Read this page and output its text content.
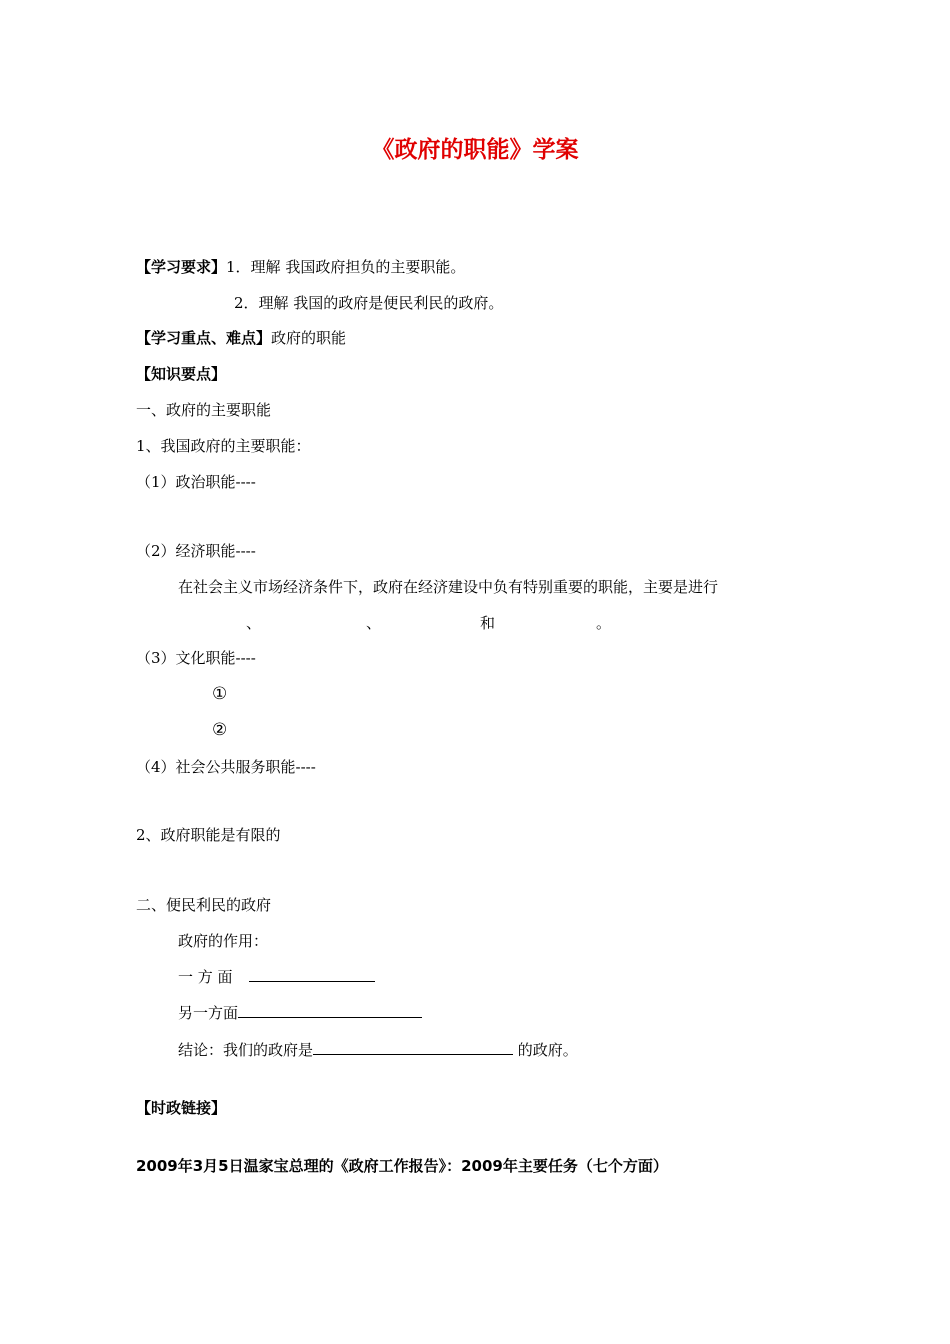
《政府的职能》学案
【学习要求】1．理解 我国政府担负的主要职能。
2．理解 我国的政府是便民利民的政府。
【学习重点、难点】政府的职能
【知识要点】
一、政府的主要职能
1、我国政府的主要职能：
（1）政治职能----
（2）经济职能----
在社会主义市场经济条件下，政府在经济建设中负有特别重要的职能，主要是进行
、	、	和	。
（3）文化职能----
①
②
（4）社会公共服务职能----
2、政府职能是有限的
二、便民利民的政府
政府的作用：
一 方 面
另一方面
结论：我们的政府是	的政府。
【时政链接】
2009年3月5日温家宝总理的《政府工作报告》：2009年主要任务（七个方面）
